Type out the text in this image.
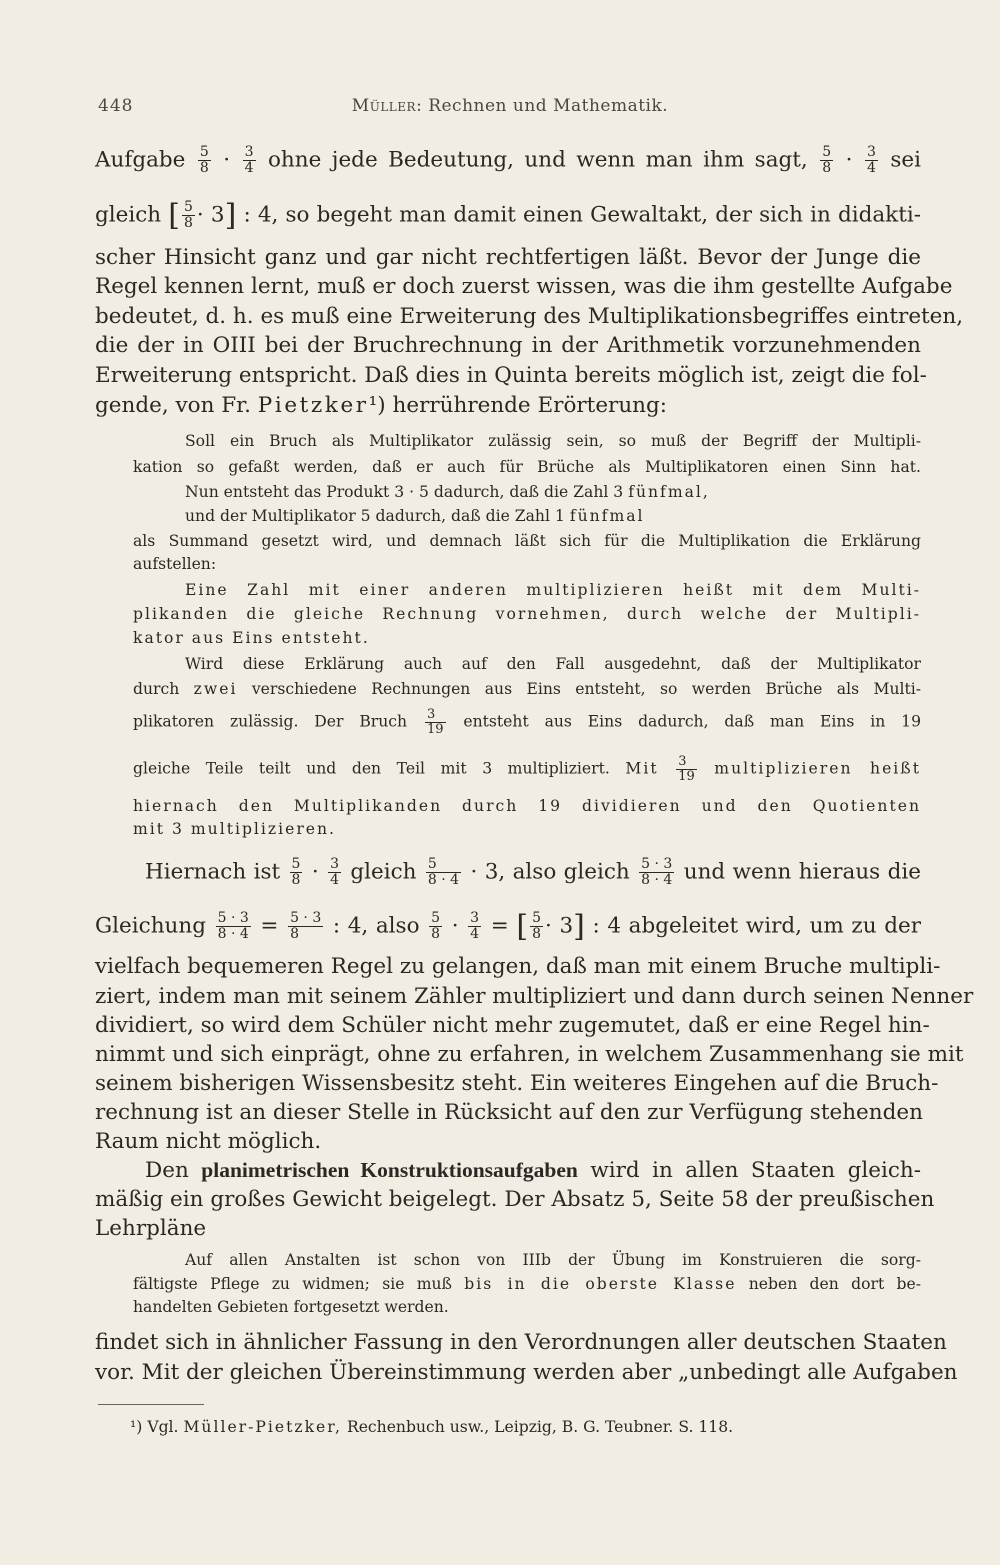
448	Müller: Rechnen und Mathematik.
Aufgabe $\frac{5}{8} \cdot \frac{3}{4}$ ohne jede Bedeutung, und wenn man ihm sagt, $\frac{5}{8} \cdot \frac{3}{4}$ sei
gleich [ $\frac{5}{8} \cdot 3$] : 4, so begeht man damit einen Gewaltakt, der sich in didakti-
scher Hinsicht ganz und gar nicht rechtfertigen läßt. Bevor der Junge die
Regel kennen lernt, muß er doch zuerst wissen, was die ihm gestellte Aufgabe
bedeutet, d. h. es muß eine Erweiterung des Multiplikationsbegriffes eintreten,
die der in OIII bei der Bruchrechnung in der Arithmetik vorzunehmenden
Erweiterung entspricht. Daß dies in Quinta bereits möglich ist, zeigt die fol-
gende, von Fr. Pietzker¹) herrührende Erörterung:
Soll ein Bruch als Multiplikator zulässig sein, so muß der Begriff der Multipli-
kation so gefaßt werden, daß er auch für Brüche als Multiplikatoren einen Sinn hat.
Nun entsteht das Produkt 3 · 5 dadurch, daß die Zahl 3 fünfmal,
und der Multiplikator 5 dadurch, daß die Zahl 1 fünfmal
als Summand gesetzt wird, und demnach läßt sich für die Multiplikation die Erklärung
aufstellen:
Eine Zahl mit einer anderen multiplizieren heißt mit dem Multi-
plikanden die gleiche Rechnung vornehmen, durch welche der Multipli-
kator aus Eins entsteht.
Wird diese Erklärung auch auf den Fall ausgedehnt, daß der Multiplikator
durch zwei verschiedene Rechnungen aus Eins entsteht, so werden Brüche als Multi-
plikatoren zulässig. Der Bruch $\frac{3}{19}$ entsteht aus Eins dadurch, daß man Eins in 19
gleiche Teile teilt und den Teil mit 3 multipliziert. Mit $\frac{3}{19}$ multiplizieren heißt
hiernach den Multiplikanden durch 19 dividieren und den Quotienten
mit 3 multiplizieren.
Hiernach ist $\frac{5}{8} \cdot \frac{3}{4}$ gleich $\frac{5}{8 \cdot 4} \cdot 3$, also gleich $\frac{5 \cdot 3}{8 \cdot 4}$ und wenn hieraus die
Gleichung $\frac{5 \cdot 3}{8 \cdot 4} = \frac{5 \cdot 3}{8}$ : 4, also $\frac{5}{8} \cdot \frac{3}{4}$ = [ $\frac{5}{8} \cdot 3$] : 4 abgeleitet wird, um zu der
vielfach bequemeren Regel zu gelangen, daß man mit einem Bruche multipli-
ziert, indem man mit seinem Zähler multipliziert und dann durch seinen Nenner
dividiert, so wird dem Schüler nicht mehr zugemutet, daß er eine Regel hin-
nimmt und sich einprägt, ohne zu erfahren, in welchem Zusammenhang sie mit
seinem bisherigen Wissensbesitz steht. Ein weiteres Eingehen auf die Bruch-
rechnung ist an dieser Stelle in Rücksicht auf den zur Verfügung stehenden
Raum nicht möglich.
Den planimetrischen Konstruktionsaufgaben wird in allen Staaten gleich-
mäßig ein großes Gewicht beigelegt. Der Absatz 5, Seite 58 der preußischen
Lehrpläne
Auf allen Anstalten ist schon von IIIb der Übung im Konstruieren die sorg-
fältigste Pflege zu widmen; sie muß bis in die oberste Klasse neben den dort be-
handelten Gebieten fortgesetzt werden.
findet sich in ähnlicher Fassung in den Verordnungen aller deutschen Staaten
vor. Mit der gleichen Übereinstimmung werden aber „unbedingt alle Aufgaben
¹) Vgl. Müller-Pietzker, Rechenbuch usw., Leipzig, B. G. Teubner. S. 118.
